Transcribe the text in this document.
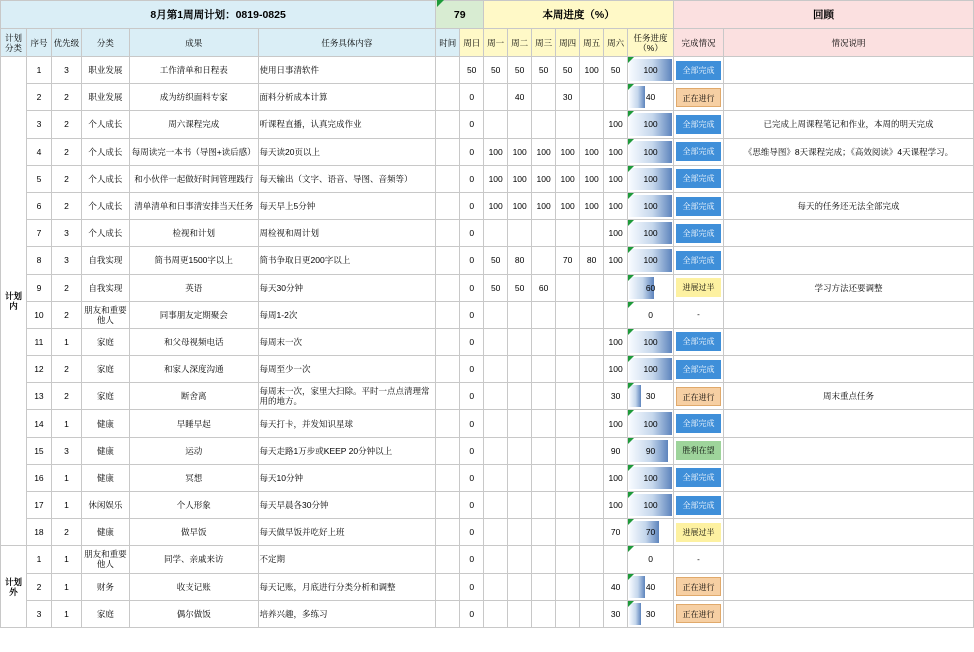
8月第1周周计划：0819-0825						79		本周进度（%）							回顾	
计划分类	序号	优先级	分类	成果	任务具体内容	时间	周日	周一	周二	周三	周四	周五	周六	任务进度（%）	完成情况	情况说明
计划内	1	3	职业发展	工作清单和日程表	使用日事清软件		50	50	50	50	50	100	50	100	全部完成	

	2	2	职业发展	成为纺织面料专家	面料分析成本计算		0		40		30			40	正在进行	

	3	2	个人成长	周六课程完成	听课程直播，认真完成作业		0						100	100	全部完成	已完成上周课程笔记和作业，本周的明天完成
	4	2	个人成长	每周读完一本书（导图+读后感）	每天读20页以上		0	100	100	100	100	100	100	100	全部完成	《思维导图》8天课程完成；《高效阅读》4天课程学习。
	5	2	个人成长	和小伙伴一起做好时间管理践行	每天输出（文字、语音、导图、音频等）		0	100	100	100	100	100	100	100	全部完成	

	6	2	个人成长	清单清单和日事清安排当天任务	每天早上5分钟		0	100	100	100	100	100	100	100	全部完成	每天的任务还无法全部完成
	7	3	个人成长	检视和计划	周检视和周计划		0						100	100	全部完成	

	8	3	自我实现	简书周更1500字以上	简书争取日更200字以上		0	50	80		70	80	100	100	全部完成	

	9	2	自我实现	英语	每天30分钟		0	50	50	60				60	进展过半	学习方法还要调整
	10	2	朋友和重要他人	同事朋友定期聚会	每周1-2次		0							0	-	

	11	1	家庭	和父母视频电话	每周末一次		0						100	100	全部完成	

	12	2	家庭	和家人深度沟通	每周至少一次		0						100	100	全部完成	

	13	2	家庭	断舍离	每周末一次，家里大扫除。平时一点点清理常用的地方。		0						30	30	正在进行	周末重点任务
	14	1	健康	早睡早起	每天打卡，并发知识星球		0						100	100	全部完成	

	15	3	健康	运动	每天走路1万步或KEEP 20分钟以上		0						90	90	胜利在望	

	16	1	健康	冥想	每天10分钟		0						100	100	全部完成	

	17	1	休闲娱乐	个人形象	每天早晨各30分钟		0						100	100	全部完成	

	18	2	健康	做早饭	每天做早饭并吃好上班		0						70	70	进展过半	

计划外	1	1	朋友和重要他人	同学、亲戚来访	不定期		0							0	-	

	2	1	财务	收支记账	每天记账，月底进行分类分析和调整		0						40	40	正在进行	

	3	1	家庭	偶尔做饭	培养兴趣，多练习		0						30	30	正在进行	
